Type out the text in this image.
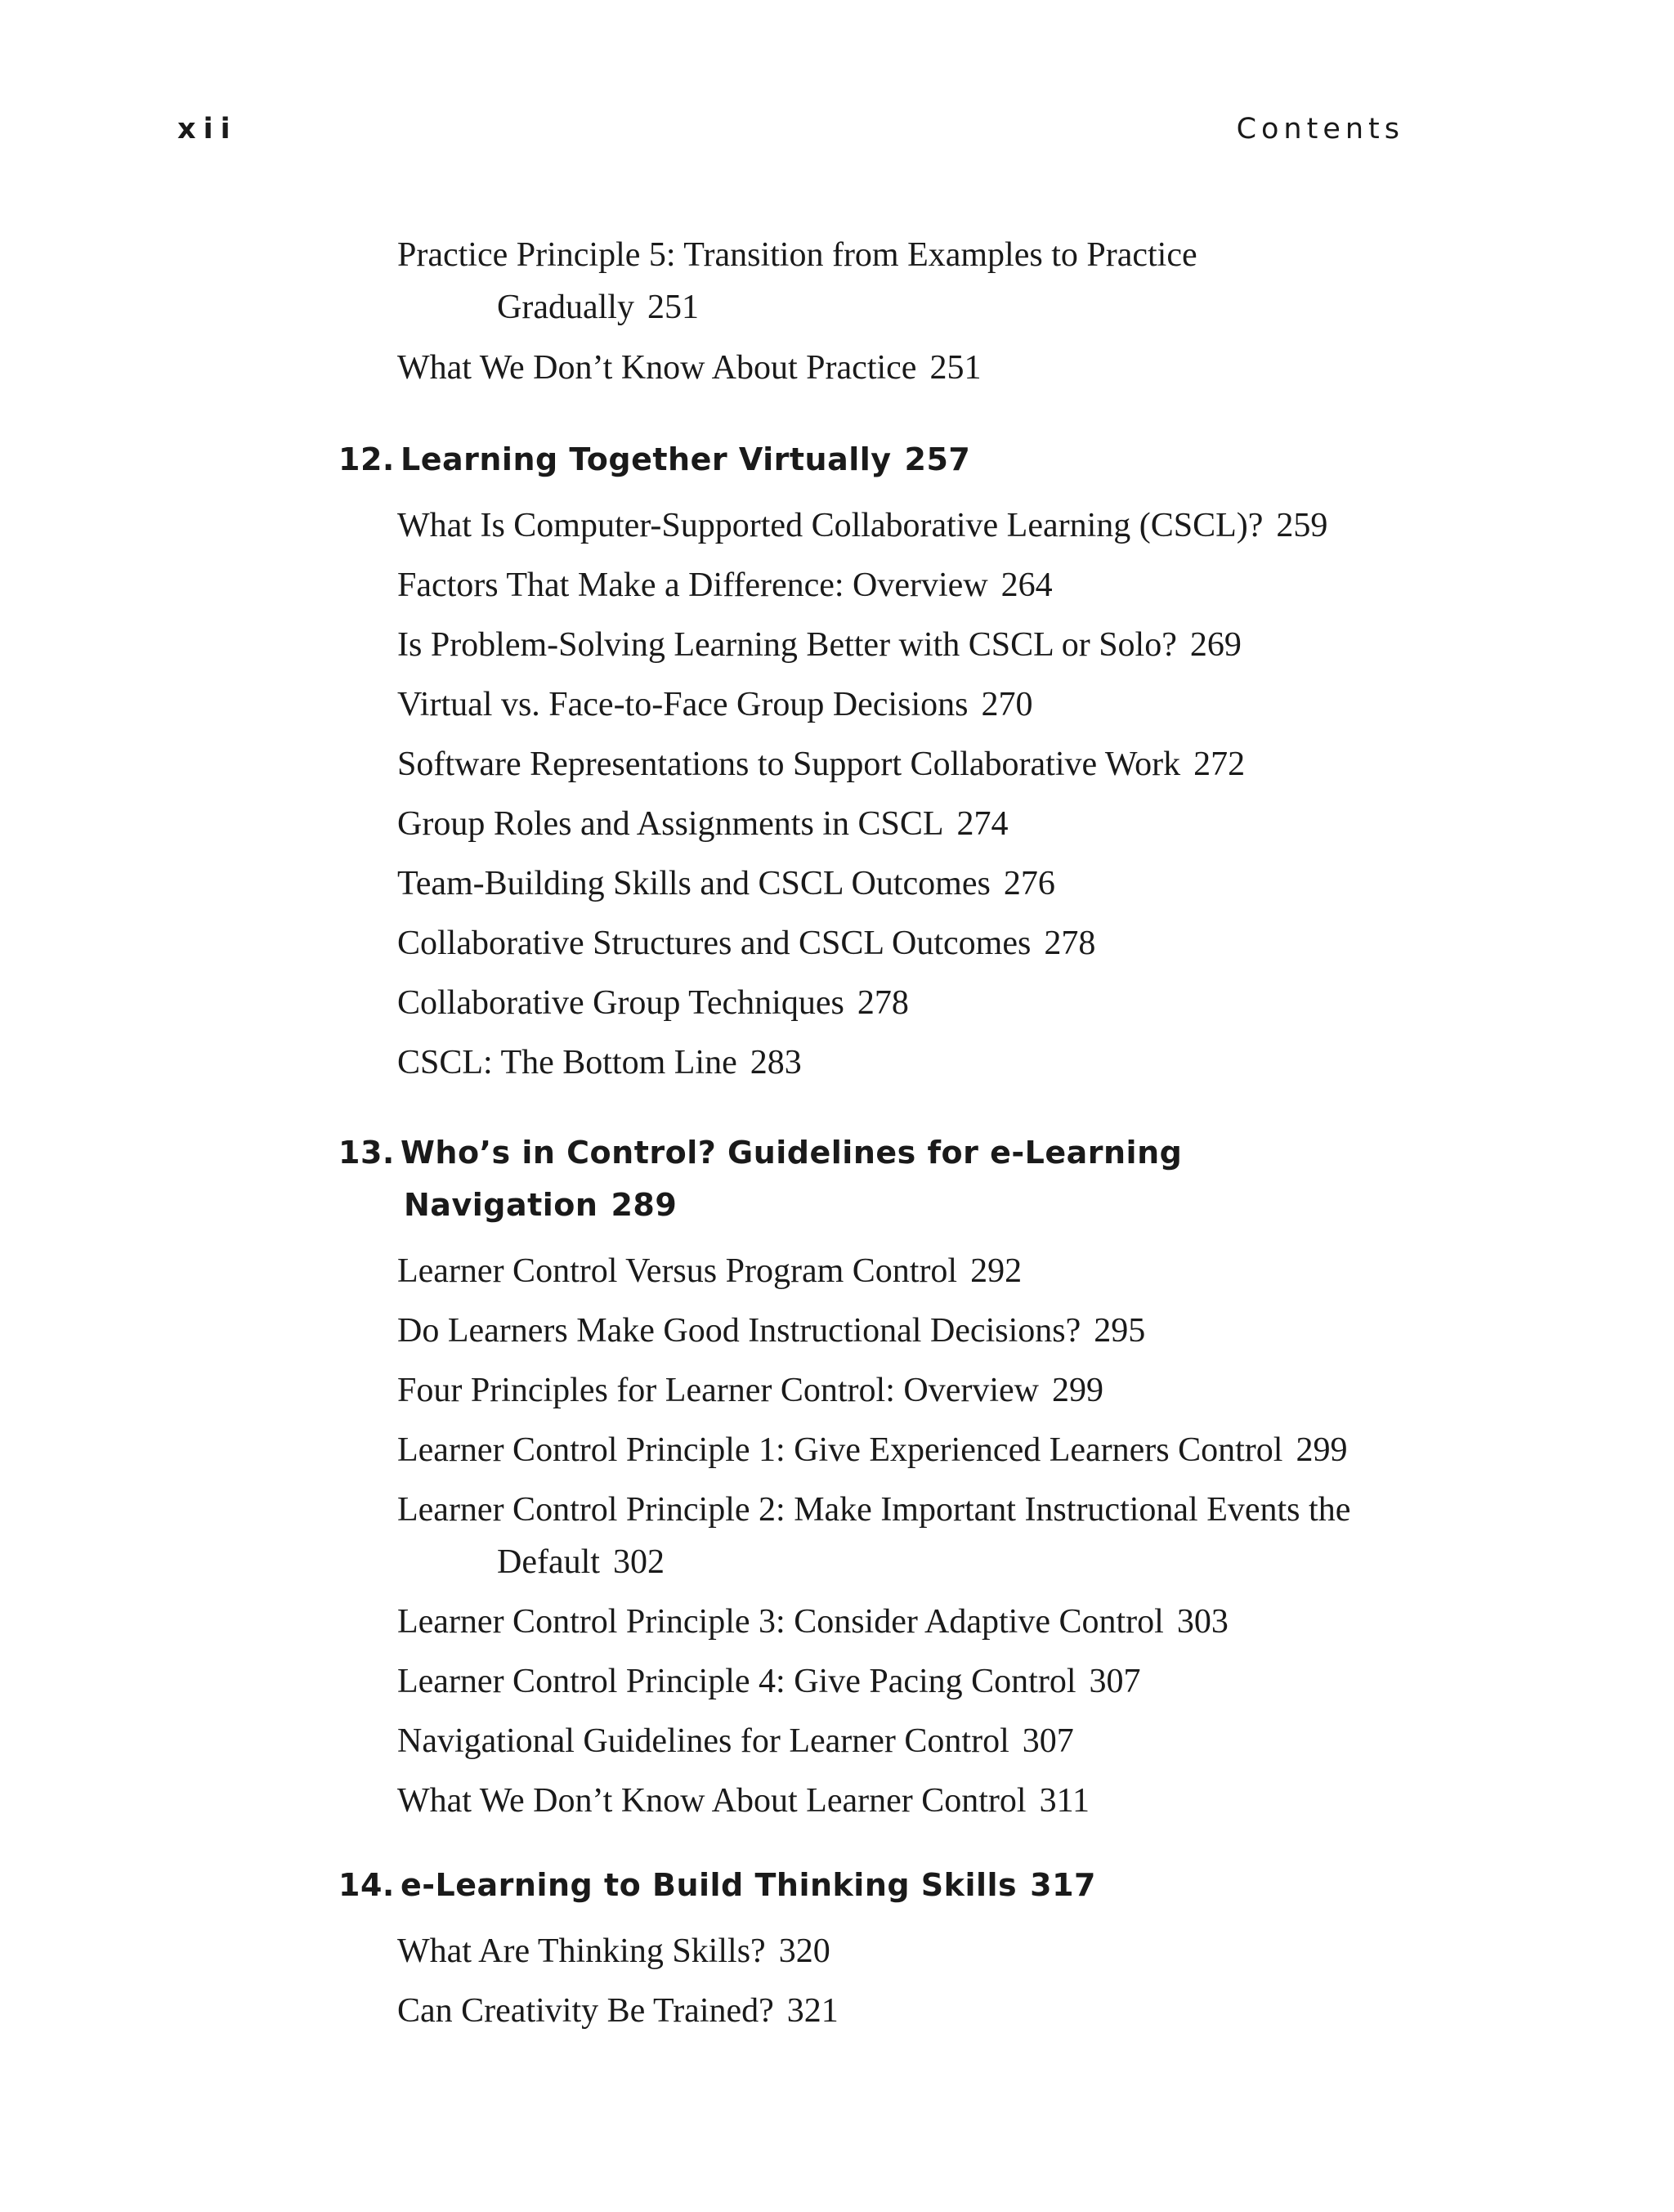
xii	Contents
Practice Principle 5: Transition from Examples to Practice
Gradually 251
What We Don’t Know About Practice 251
12. Learning Together Virtually 257
What Is Computer-Supported Collaborative Learning (CSCL)? 259
Factors That Make a Difference: Overview 264
Is Problem-Solving Learning Better with CSCL or Solo? 269
Virtual vs. Face-to-Face Group Decisions 270
Software Representations to Support Collaborative Work 272
Group Roles and Assignments in CSCL 274
Team-Building Skills and CSCL Outcomes 276
Collaborative Structures and CSCL Outcomes 278
Collaborative Group Techniques 278
CSCL: The Bottom Line 283
13. Who’s in Control? Guidelines for e-Learning
Navigation 289
Learner Control Versus Program Control 292
Do Learners Make Good Instructional Decisions? 295
Four Principles for Learner Control: Overview 299
Learner Control Principle 1: Give Experienced Learners Control 299
Learner Control Principle 2: Make Important Instructional Events the
Default 302
Learner Control Principle 3: Consider Adaptive Control 303
Learner Control Principle 4: Give Pacing Control 307
Navigational Guidelines for Learner Control 307
What We Don’t Know About Learner Control 311
14. e-Learning to Build Thinking Skills 317
What Are Thinking Skills? 320
Can Creativity Be Trained? 321
